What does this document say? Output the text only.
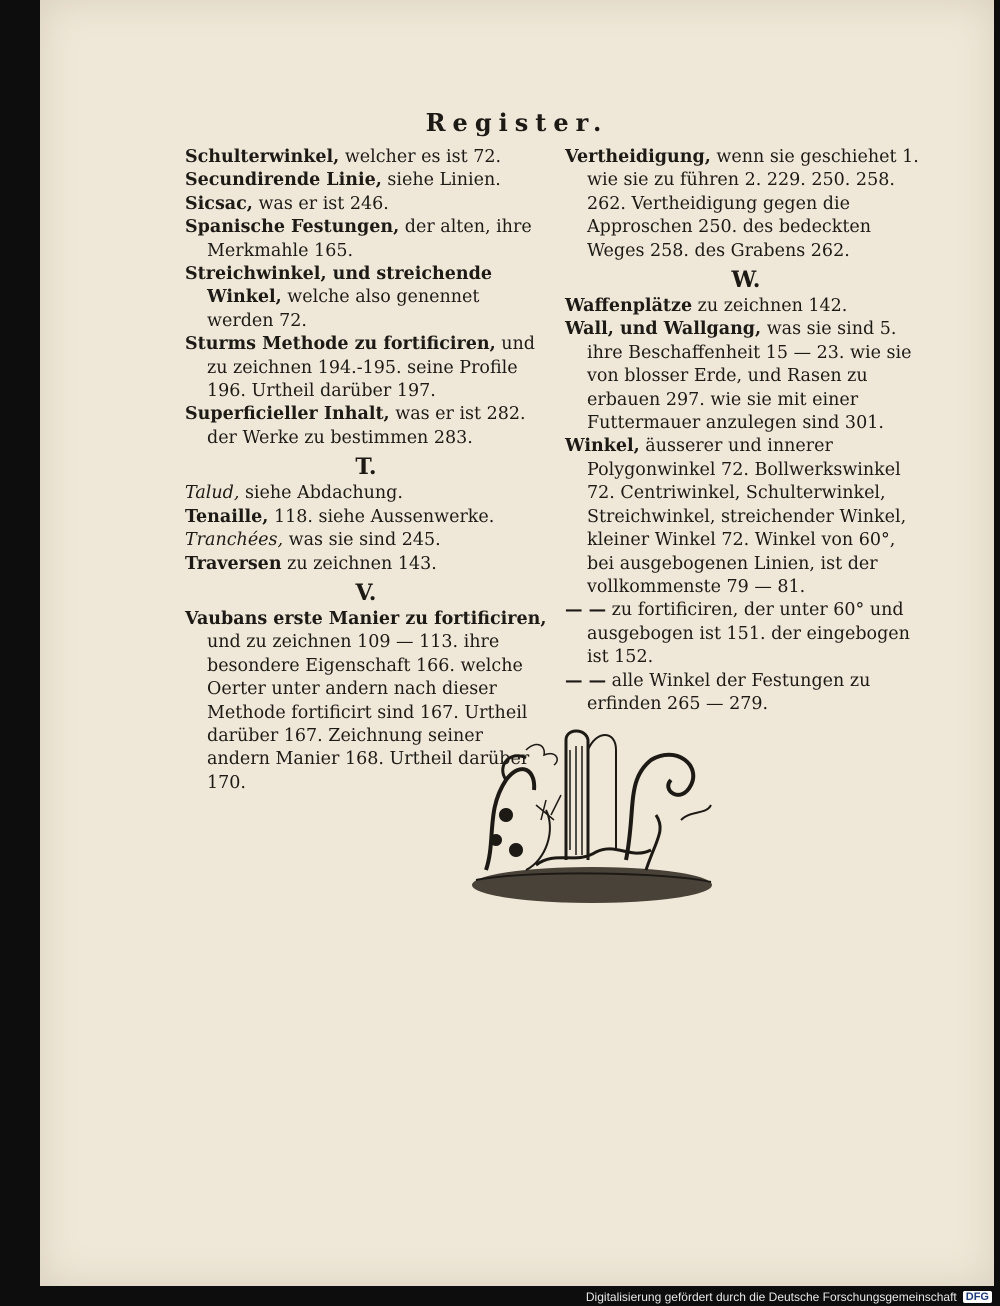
Register.

Schulterwinkel, welcher es ist 72.

Secundirende Linie, siehe Linien.

Sicsac, was er ist 246.

Spanische Festungen, der alten, ihre Merkmahle 165.

Streichwinkel, und streichende Winkel, welche also genennet werden 72.

Sturms Methode zu fortificiren, und zu zeichnen 194.-195. seine Profile 196. Urtheil darüber 197.

Superficieller Inhalt, was er ist 282. der Werke zu bestimmen 283.

T.

Talud, siehe Abdachung.

Tenaille, 118. siehe Aussenwerke.

Tranchées, was sie sind 245.

Traversen zu zeichnen 143.

V.

Vaubans erste Manier zu fortificiren, und zu zeichnen 109 — 113. ihre besondere Eigenschaft 166. welche Oerter unter andern nach dieser Methode fortificirt sind 167. Urtheil darüber 167. Zeichnung seiner andern Manier 168. Urtheil darüber 170.

Vertheidigung, wenn sie geschiehet 1. wie sie zu führen 2. 229. 250. 258. 262. Vertheidigung gegen die Approschen 250. des bedeckten Weges 258. des Grabens 262.

W.

Waffenplätze zu zeichnen 142.

Wall, und Wallgang, was sie sind 5. ihre Beschaffenheit 15 — 23. wie sie von blosser Erde, und Rasen zu erbauen 297. wie sie mit einer Futtermauer anzulegen sind 301.

Winkel, äusserer und innerer Polygonwinkel 72. Bollwerkswinkel 72. Centriwinkel, Schulterwinkel, Streichwinkel, streichender Winkel, kleiner Winkel 72. Winkel von 60°, bei ausgebogenen Linien, ist der vollkommenste 79 — 81.

— — zu fortificiren, der unter 60° und ausgebogen ist 151. der eingebogen ist 152.

— — alle Winkel der Festungen zu erfinden 265 — 279.

Digitalisierung gefördert durch die Deutsche Forschungsgemeinschaft DFG
